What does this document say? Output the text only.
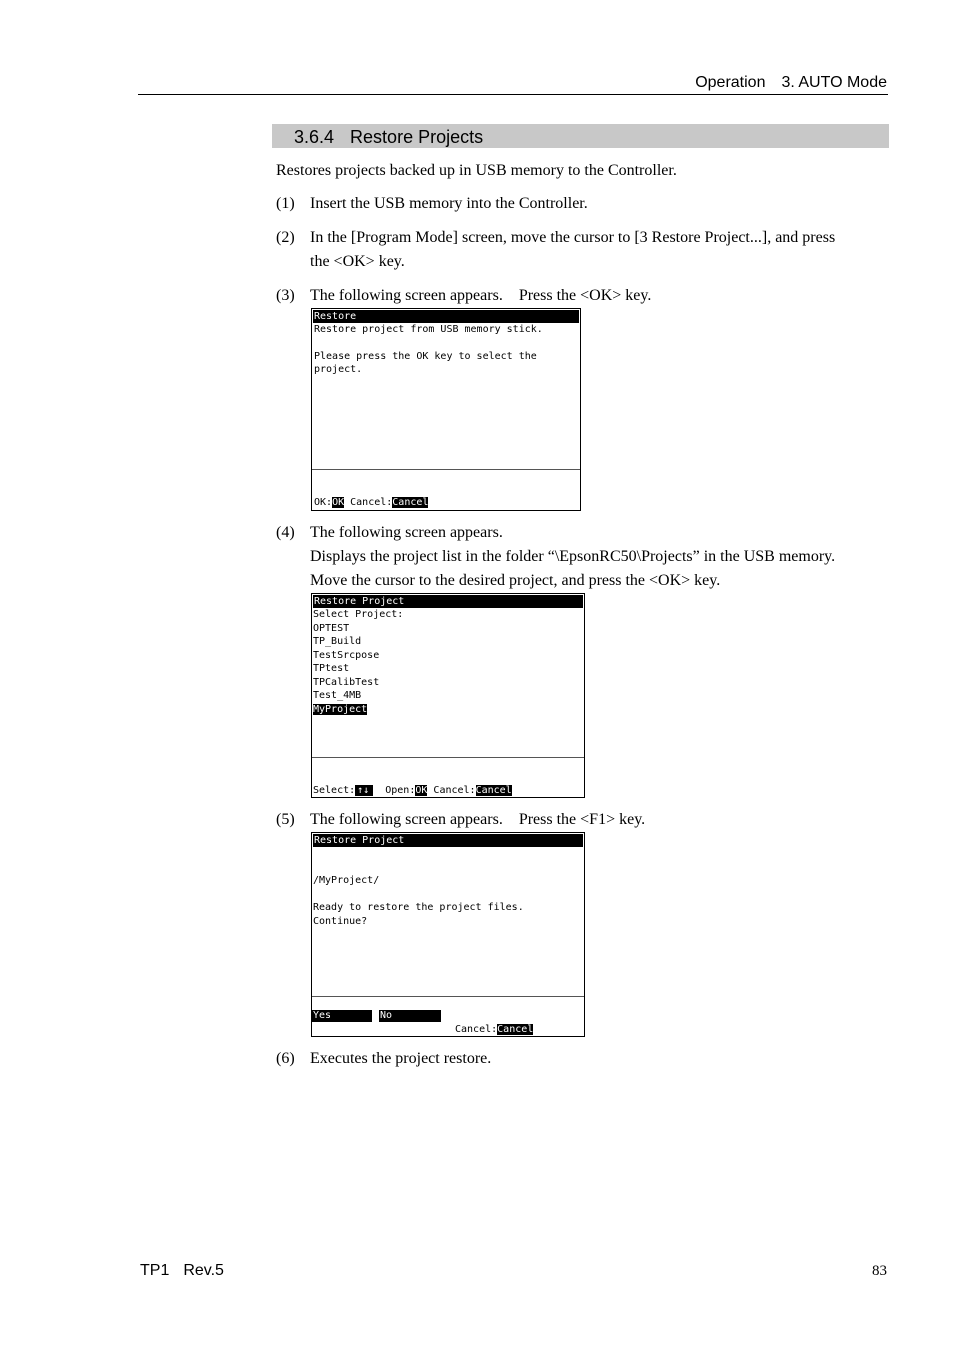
Operation 3. AUTO Mode
3.6.4 Restore Projects
Restores projects backed up in USB memory to the Controller.
(1) Insert the USB memory into the Controller.
(2) In the [Program Mode] screen, move the cursor to [3 Restore Project...], and press
the <OK> key.
(3) The following screen appears.    Press the <OK> key.
Restore
Restore project from USB memory stick.
Please press the OK key to select the
project.
OK:OK Cancel:Cancel
(4) The following screen appears.
Displays the project list in the folder “\EpsonRC50\Projects” in the USB memory.
Move the cursor to the desired project, and press the <OK> key.
Restore Project
Select Project:
OPTEST
TP_Build
TestSrcpose
TPtest
TPCalibTest
Test_4MB
MyProject
Select: ↑↓  Open:OK Cancel:Cancel
(5) The following screen appears.    Press the <F1> key.
Restore Project
/MyProject/
Ready to restore the project files.
Continue?
Yes	No
Cancel:Cancel
(6) Executes the project restore.
TP1 Rev.5	83
